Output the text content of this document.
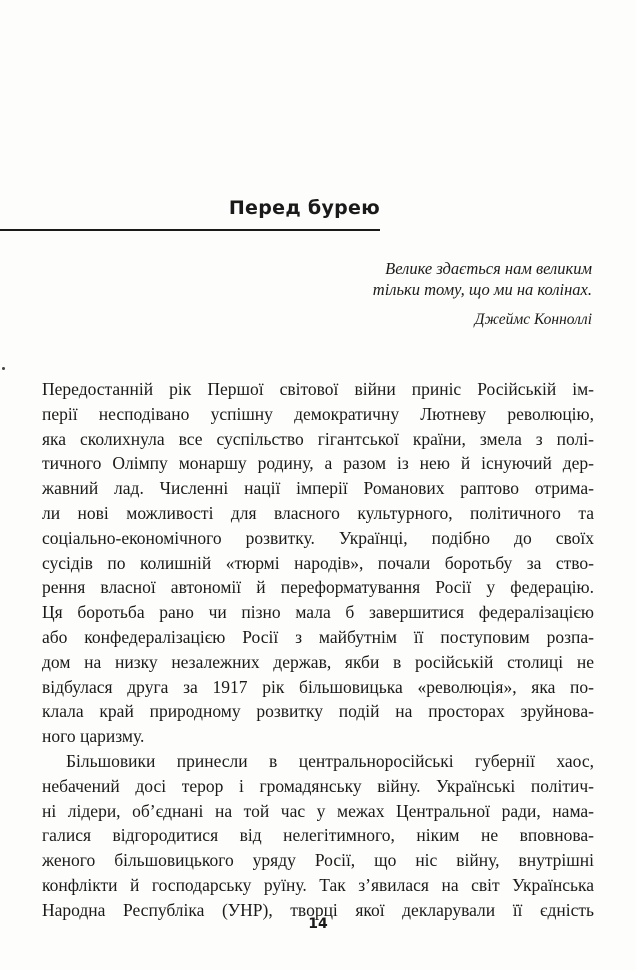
Перед бурею
Велике здається нам великим
тільки тому, що ми на колінах.
Джеймс Конноллі

Передостанній рік Першої світової війни приніс Російській ім-
перії несподівано успішну демократичну Лютневу революцію,
яка сколихнула все суспільство гігантської країни, змела з полі-
тичного Олімпу монаршу родину, а разом із нею й існуючий дер-
жавний лад. Численні нації імперії Романових раптово отримa-
ли нові можливості для власного культурного, політичного та
соціально-економічного розвитку. Українці, подібно до своїх
сусідів по колишній «тюрмі народів», почали боротьбу за ство-
рення власної автономії й переформатування Росії у федерацію.
Ця боротьба рано чи пізно мала б завершитися федералізацією
або конфедералізацією Росії з майбутнім її поступовим розпа-
дом на низку незалежних держав, якби в російській столиці не
відбулася друга за 1917 рік більшовицька «революція», яка по-
клала край природному розвитку подій на просторах зруйновa-
ного царизму.

Більшовики принесли в центральноросійські губернії хаос,
небачений досі терор і громадянську війну. Українські політич-
ні лідери, об’єднані на той час у межах Центральної ради, нама-
галися відгородитися від нелегітимного, ніким не вповнова-
женого більшовицького уряду Росії, що ніс війну, внутрішні
конфлікти й господарську руїну. Так з’явилася на світ Українська
Народна Республіка (УНР), творці якої декларували її єдність

14
